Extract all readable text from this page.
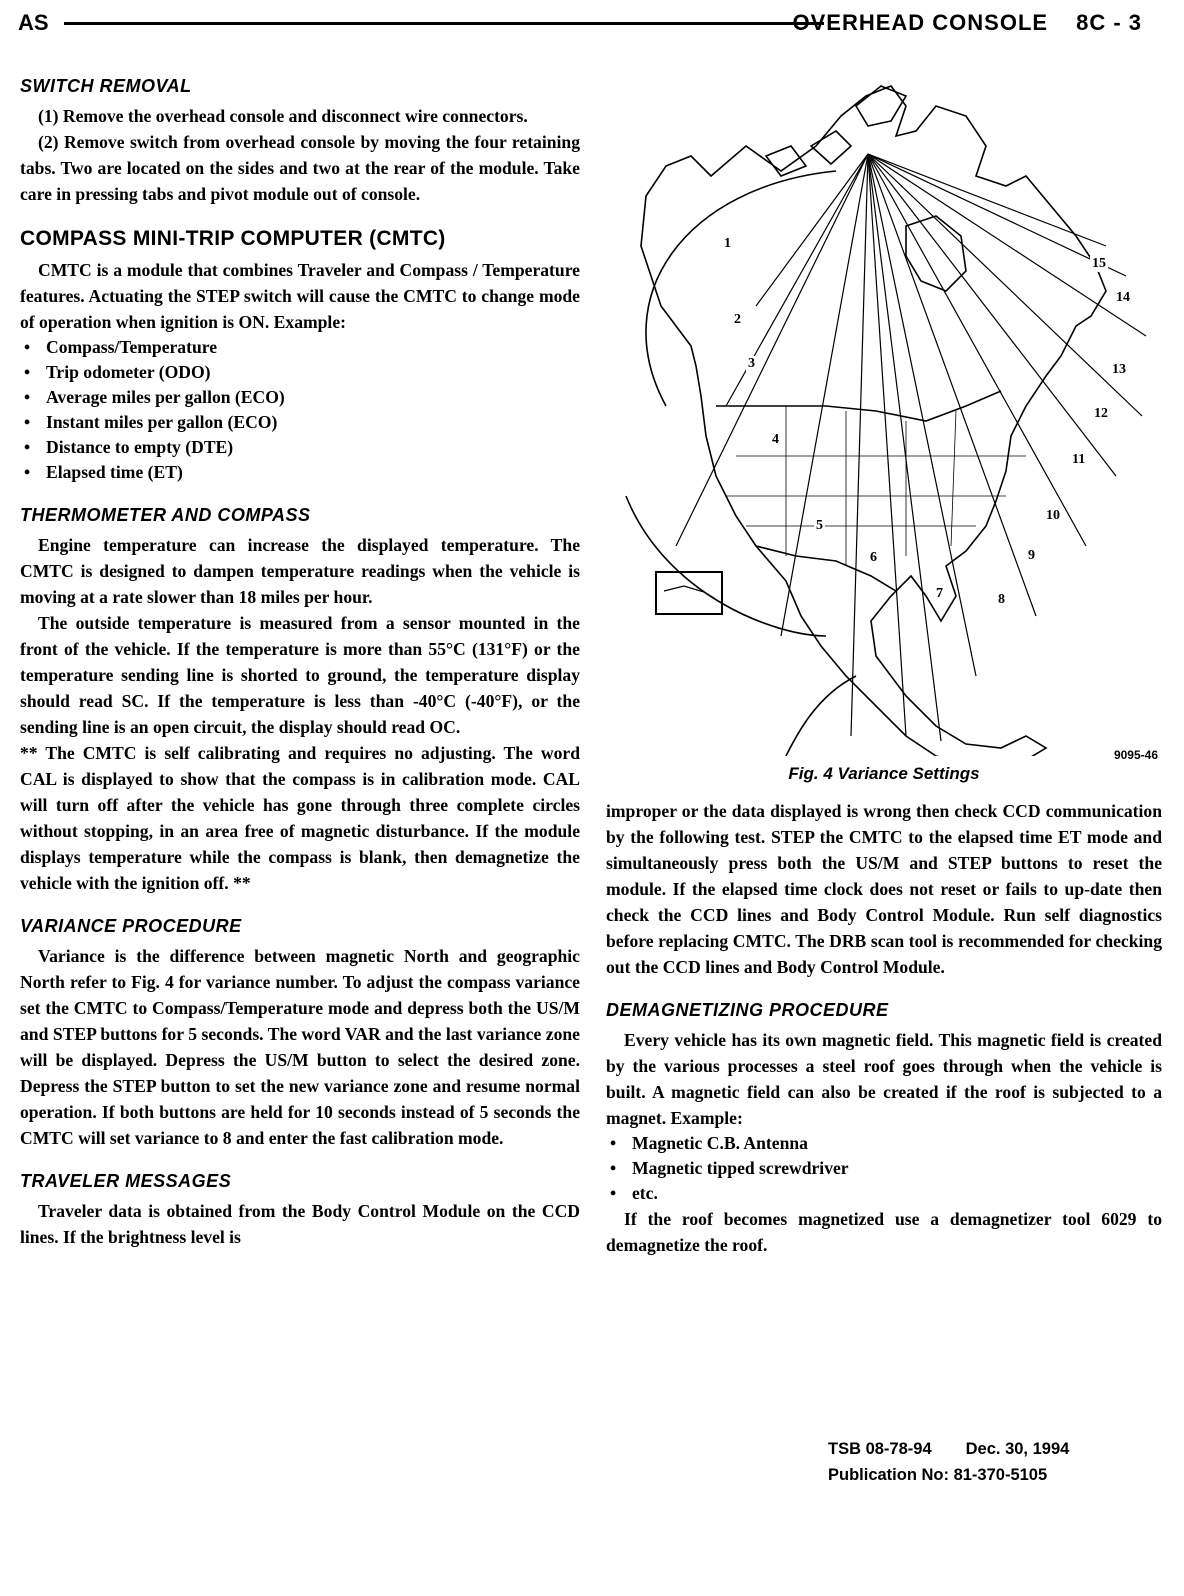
AS	OVERHEAD CONSOLE 8C - 3
SWITCH REMOVAL

(1) Remove the overhead console and disconnect wire connectors.

(2) Remove switch from overhead console by moving the four retaining tabs. Two are located on the sides and two at the rear of the module. Take care in pressing tabs and pivot module out of console.

COMPASS MINI-TRIP COMPUTER (CMTC)

CMTC is a module that combines Traveler and Compass / Temperature features. Actuating the STEP switch will cause the CMTC to change mode of operation when ignition is ON. Example:

• Compass/Temperature
• Trip odometer (ODO)
• Average miles per gallon (ECO)
• Instant miles per gallon (ECO)
• Distance to empty (DTE)
• Elapsed time (ET)
THERMOMETER AND COMPASS

Engine temperature can increase the displayed temperature. The CMTC is designed to dampen temperature readings when the vehicle is moving at a rate slower than 18 miles per hour.

The outside temperature is measured from a sensor mounted in the front of the vehicle. If the temperature is more than 55°C (131°F) or the temperature sending line is shorted to ground, the temperature display should read SC. If the temperature is less than -40°C (-40°F), or the sending line is an open circuit, the display should read OC.

** The CMTC is self calibrating and requires no adjusting. The word CAL is displayed to show that the compass is in calibration mode. CAL will turn off after the vehicle has gone through three complete circles without stopping, in an area free of magnetic disturbance. If the module displays temperature while the compass is blank, then demagnetize the vehicle with the ignition off. **

VARIANCE PROCEDURE

Variance is the difference between magnetic North and geographic North refer to Fig. 4 for variance number. To adjust the compass variance set the CMTC to Compass/Temperature mode and depress both the US/M and STEP buttons for 5 seconds. The word VAR and the last variance zone will be displayed. Depress the US/M button to select the desired zone. Depress the STEP button to set the new variance zone and resume normal operation. If both buttons are held for 10 seconds instead of 5 seconds the CMTC will set variance to 8 and enter the fast calibration mode.

TRAVELER MESSAGES

Traveler data is obtained from the Body Control Module on the CCD lines. If the brightness level is

1
2
3
4
5
6
7	8
9
10
11
12
13
14
15
9095-46
Fig. 4 Variance Settings

improper or the data displayed is wrong then check CCD communication by the following test. STEP the CMTC to the elapsed time ET mode and simultaneously press both the US/M and STEP buttons to reset the module. If the elapsed time clock does not reset or fails to up-date then check the CCD lines and Body Control Module. Run self diagnostics before replacing CMTC. The DRB scan tool is recommended for checking out the CCD lines and Body Control Module.

DEMAGNETIZING PROCEDURE

Every vehicle has its own magnetic field. This magnetic field is created by the various processes a steel roof goes through when the vehicle is built. A magnetic field can also be created if the roof is subjected to a magnet. Example:

• Magnetic C.B. Antenna
• Magnetic tipped screwdriver
• etc.

If the roof becomes magnetized use a demagnetizer tool 6029 to demagnetize the roof.

TSB 08-78-94 Dec. 30, 1994
Publication No: 81-370-5105
